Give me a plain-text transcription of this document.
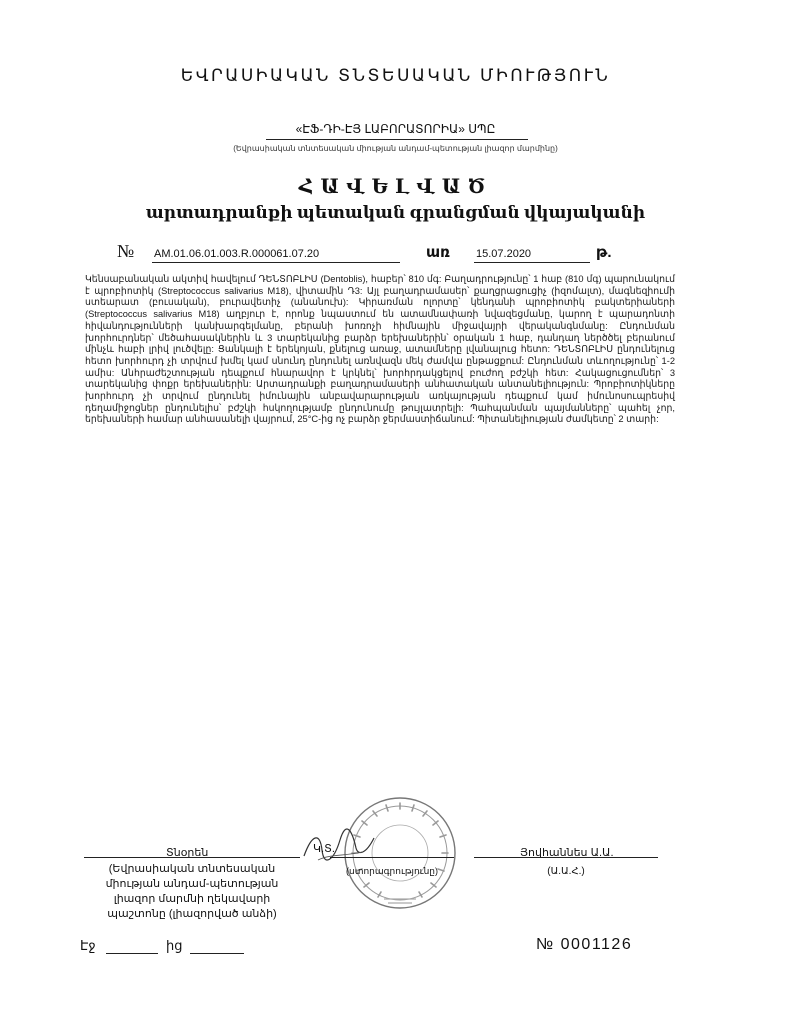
ԵՎՐԱՍԻԱԿԱՆ ՏՆՏԵՍԱԿԱՆ ՄԻՈՒԹՅՈՒՆ
«ԷՖ-ԴԻ-ԷՅ ԼԱԲՈՐԱՏՈՐԻԱ» ՍՊԸ
(Եվրասիական տնտեսական միության անդամ-պետության լիազոր մարմինը)
ՀԱՎԵԼՎԱԾ
արտադրանքի պետական գրանցման վկայականի
№ AM.01.06.01.003.R.000061.07.20	առ 15.07.2020	թ.
Կենսաբանական ակտիվ հավելում ԴԵՆՏՈԲԼԻՍ (Dentoblis), հաբեր՝ 810 մգ: Բաղադրությունը՝ 1 հաբ (810 մգ) պարունակում է պրոբիոտիկ (Streptococcus salivarius M18), վիտամին Դ3: Այլ բաղադրամասեր՝ քաղցրացուցիչ (իզոմալտ), մագնեզիումի ստեարատ (բուսական), բուրավետիչ (անանուխ): Կիրառման ոլորտը՝ կենդանի պրոբիոտիկ բակտերիաների (Streptococcus salivarius M18) աղբյուր է, որոնք նպաստում են ատամնափառի նվազեցմանը, կարող է պարադոնտի հիվանդությունների կանխարգելմանը, բերանի խոռոչի հիմնային միջավայրի վերականգնմանը: Ընդունման խորհուրդներ՝ մեծահասակներին և 3 տարեկանից բարձր երեխաներին՝ օրական 1 հաբ, դանդաղ ներծծել բերանում մինչև հաբի լրիվ լուծվելը: Ցանկալի է երեկոյան, քնելուց առաջ, ատամները լվանալուց հետո: ԴԵՆՏՈԲԼԻՍ ընդունելուց հետո խորհուրդ չի տրվում խմել կամ սնունդ ընդունել առնվազն մեկ ժամվա ընթացքում: Ընդունման տևողությունը՝ 1-2 ամիս: Անհրաժեշտության դեպքում հնարավոր է կրկնել՝ խորհրդակցելով բուժող բժշկի հետ: Հակացուցումներ՝ 3 տարեկանից փոքր երեխաներին: Արտադրանքի բաղադրամասերի անհատական անտանելիություն: Պրոբիոտիկները խորհուրդ չի տրվում ընդունել իմունային անբավարարության առկայության դեպքում կամ իմունոսուպրեսիվ դեղամիջոցներ ընդունելիս՝ բժշկի հսկողությամբ ընդունումը թույլատրելի: Պահպանման պայմանները՝ պահել չոր, երեխաների համար անհասանելի վայրում, 25°C-ից ոչ բարձր ջերմաստիճանում: Պիտանելիության ժամկետը՝ 2 տարի:
Տնօրեն
(Եվրասիական տնտեսական միության անդամ-պետության լիազոր մարմնի ղեկավարի պաշտոնը (լիազորված անձի)
Կ.Տ.
(ստորագրությունը)
Յովհաննես Ա.Ա.
(Ա.Ա.Հ.)
Էջ	ից	№ 0001126
